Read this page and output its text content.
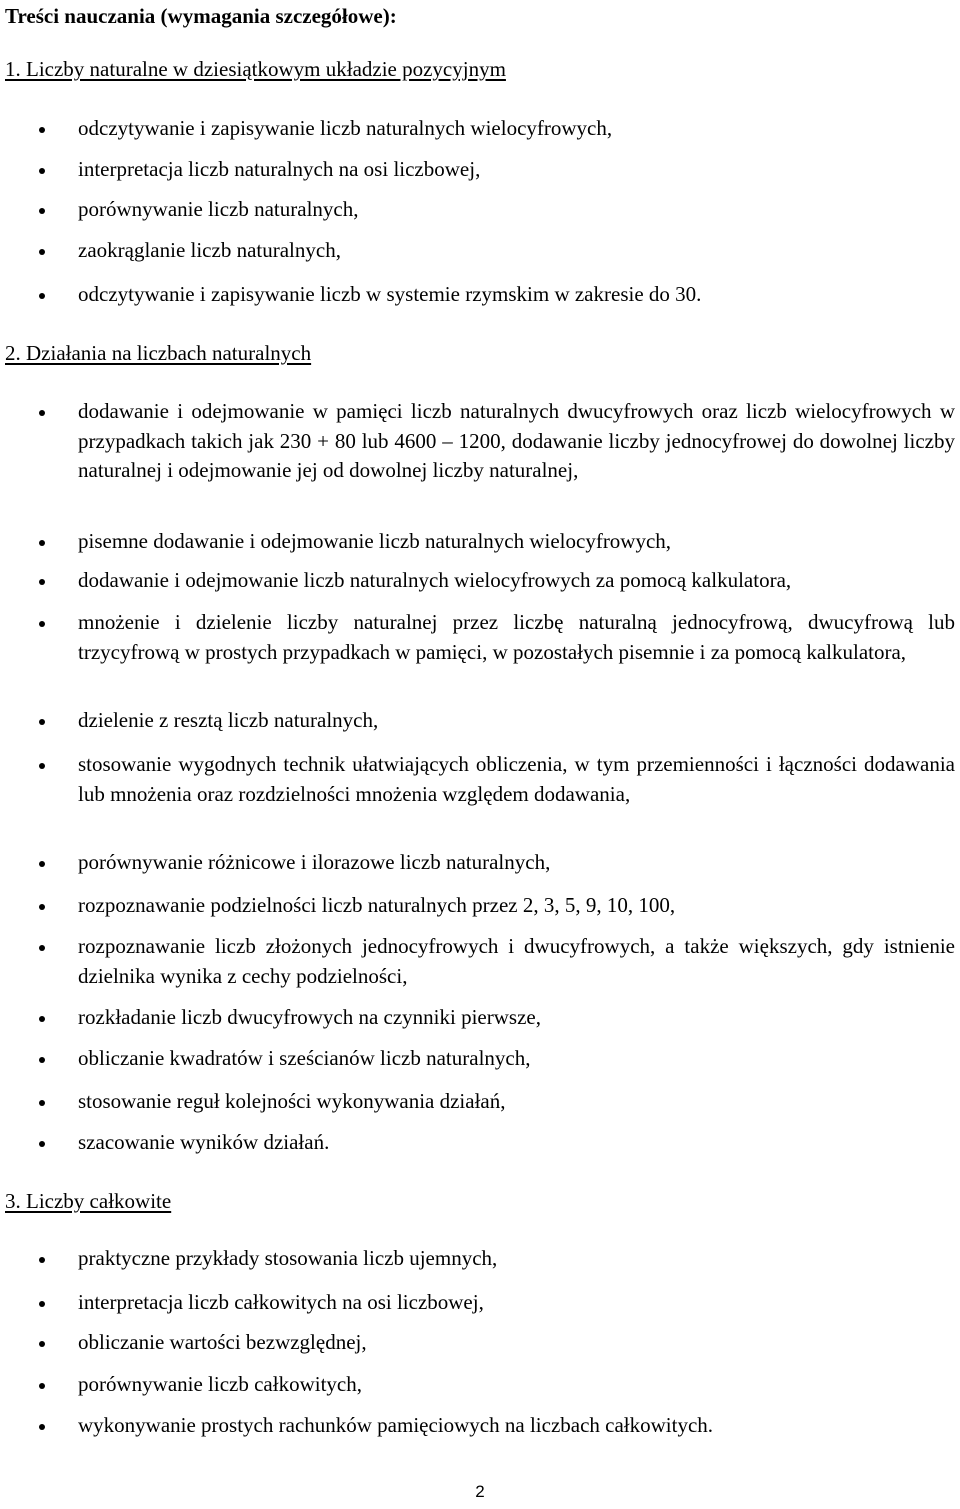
Treści nauczania (wymagania szczegółowe):
1. Liczby naturalne w dziesiątkowym układzie pozycyjnym
odczytywanie i zapisywanie liczb naturalnych wielocyfrowych,
interpretacja liczb naturalnych na osi liczbowej,
porównywanie liczb naturalnych,
zaokrąglanie liczb naturalnych,
odczytywanie i zapisywanie liczb w systemie rzymskim w zakresie do 30.
2. Działania na liczbach naturalnych
dodawanie i odejmowanie w pamięci liczb naturalnych dwucyfrowych oraz liczb wielocyfrowych w przypadkach takich jak 230 + 80 lub 4600 – 1200, dodawanie liczby jednocyfrowej do dowolnej liczby naturalnej i odejmowanie jej od dowolnej liczby naturalnej,
pisemne dodawanie i odejmowanie liczb naturalnych wielocyfrowych,
dodawanie i odejmowanie liczb naturalnych wielocyfrowych za pomocą kalkulatora,
mnożenie i dzielenie liczby naturalnej przez liczbę naturalną jednocyfrową, dwucyfrową lub trzycyfrową w prostych przypadkach w pamięci, w pozostałych pisemnie i za pomocą kalkulatora,
dzielenie z resztą liczb naturalnych,
stosowanie wygodnych technik ułatwiających obliczenia, w tym przemienności i łączności dodawania lub mnożenia oraz rozdzielności mnożenia względem dodawania,
porównywanie różnicowe i ilorazowe liczb naturalnych,
rozpoznawanie podzielności liczb naturalnych przez 2, 3, 5, 9, 10, 100,
rozpoznawanie liczb złożonych jednocyfrowych i dwucyfrowych, a także większych, gdy istnienie dzielnika wynika z cechy podzielności,
rozkładanie liczb dwucyfrowych na czynniki pierwsze,
obliczanie kwadratów i sześcianów liczb naturalnych,
stosowanie reguł kolejności wykonywania działań,
szacowanie wyników działań.
3. Liczby całkowite
praktyczne przykłady stosowania liczb ujemnych,
interpretacja liczb całkowitych na osi liczbowej,
obliczanie wartości bezwzględnej,
porównywanie liczb całkowitych,
wykonywanie prostych rachunków pamięciowych na liczbach całkowitych.
2
